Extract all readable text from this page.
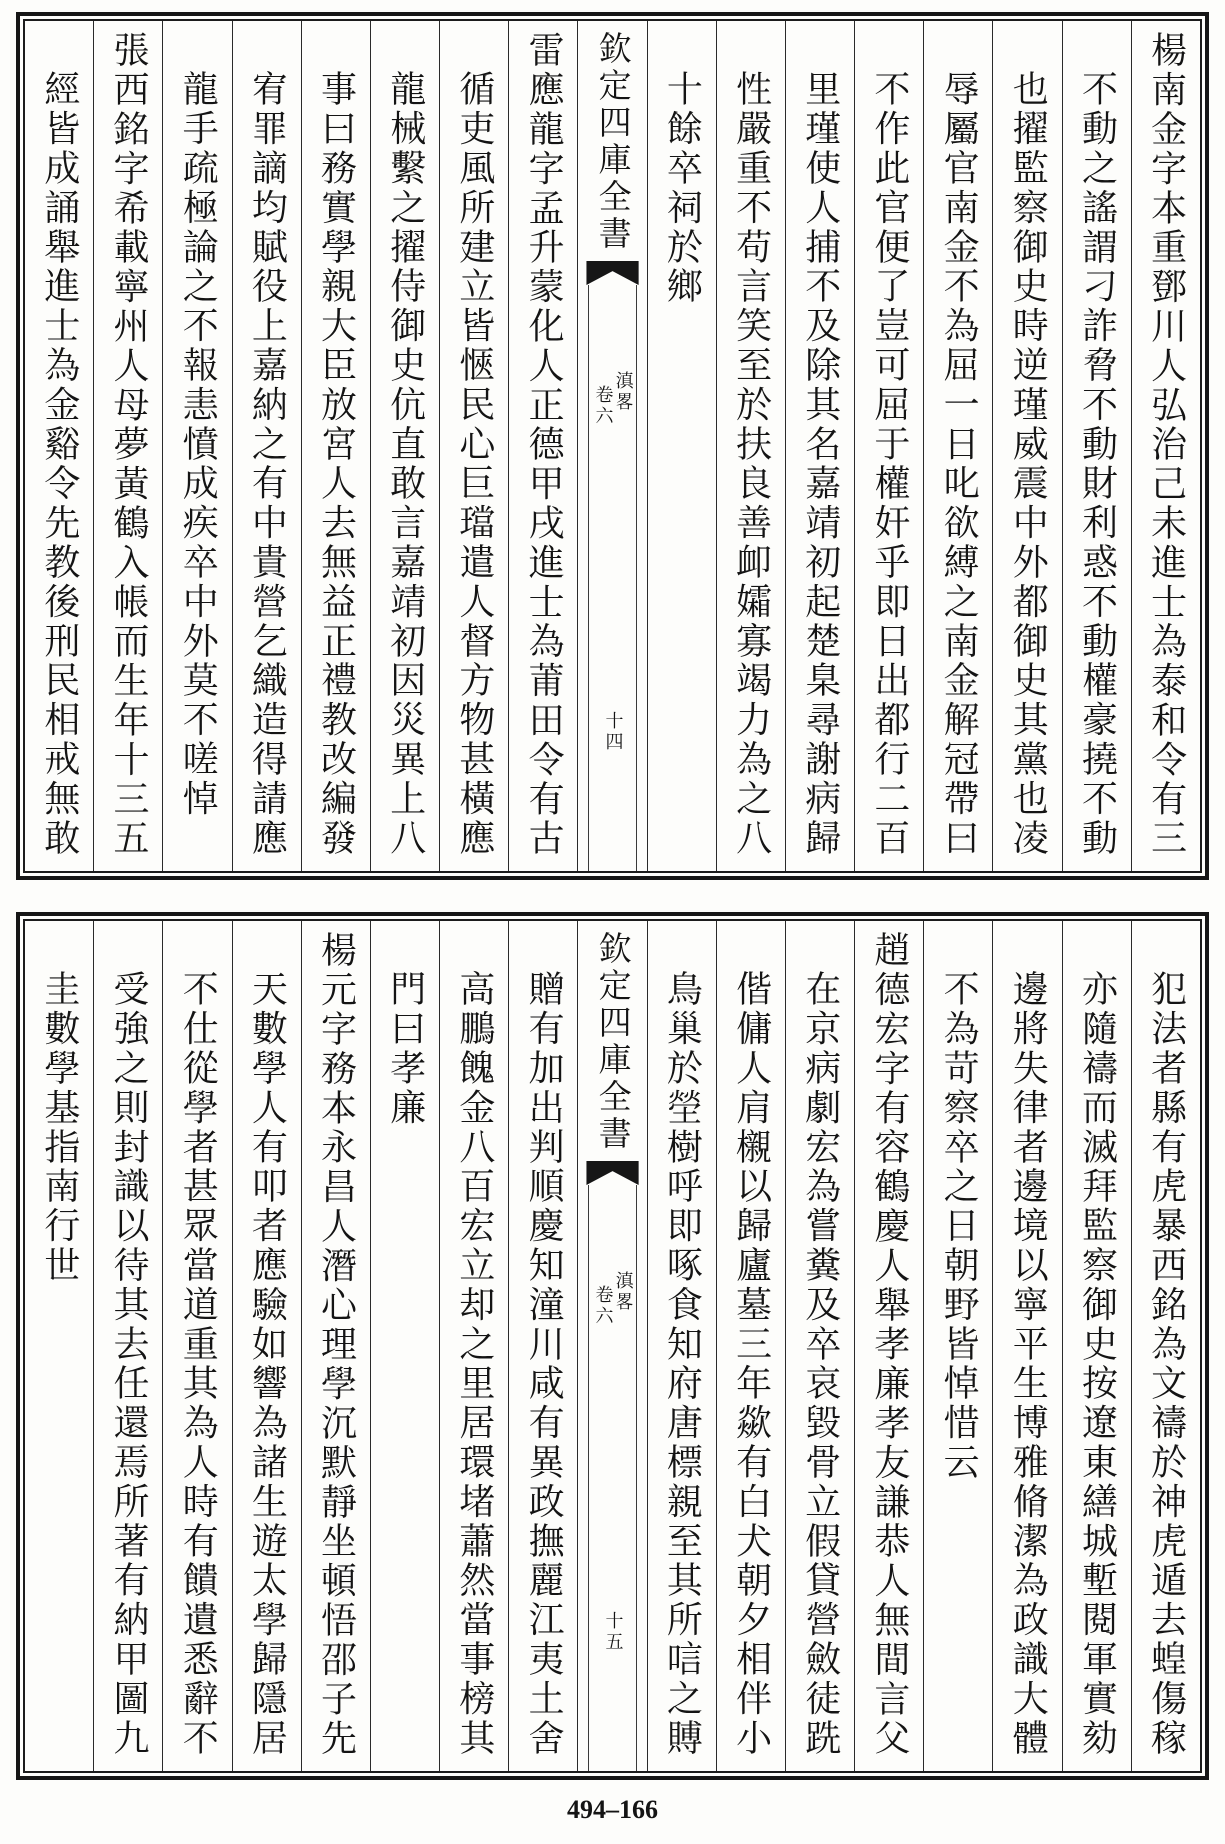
楊南金字本重鄧川人弘治己未進士為泰和令有三
不動之謠謂刁詐脅不動財利惑不動權豪撓不動
也擢監察御史時逆瑾威震中外都御史其黨也凌
辱屬官南金不為屈一日叱欲縛之南金解冠帶曰
不作此官便了豈可屈于權奸乎即日出都行二百
里瑾使人捕不及除其名嘉靖初起楚臬尋謝病歸
性嚴重不苟言笑至於扶良善卹孀寡竭力為之八
十餘卒祠於鄉
欽定四庫全書
滇畧
卷六
十四
雷應龍字孟升蒙化人正德甲戌進士為莆田令有古
循吏風所建立皆愜民心巨璫遣人督方物甚橫應
龍械繫之擢侍御史伉直敢言嘉靖初因災異上八
事曰務實學親大臣放宮人去無益正禮教改編發
宥罪謫均賦役上嘉納之有中貴營乞織造得請應
龍手疏極論之不報恚憤成疾卒中外莫不嗟悼
張西銘字希載寧州人母夢黃鶴入帳而生年十三五
經皆成誦舉進士為金谿令先教後刑民相戒無敢
犯法者縣有虎暴西銘為文禱於神虎遁去蝗傷稼
亦隨禱而滅拜監察御史按遼東繕城塹閱軍實劾
邊將失律者邊境以寧平生博雅脩潔為政識大體
不為苛察卒之日朝野皆悼惜云
趙德宏字有容鶴慶人舉孝廉孝友謙恭人無間言父
在京病劇宏為嘗糞及卒哀毀骨立假貸營斂徒跣
偕傭人肩櫬以歸廬墓三年歘有白犬朝夕相伴小
鳥巢於塋樹呼即啄食知府唐標親至其所唁之賻
欽定四庫全書
滇畧
卷六
十五
贈有加出判順慶知潼川咸有異政撫麗江夷土舍
高鵬餽金八百宏立却之里居環堵蕭然當事榜其
門曰孝廉
楊元字務本永昌人潛心理學沉默靜坐頓悟邵子先
天數學人有叩者應驗如響為諸生遊太學歸隱居
不仕從學者甚眾當道重其為人時有饋遺悉辭不
受強之則封識以待其去任還焉所著有納甲圖九
圭數學基指南行世
494–166
